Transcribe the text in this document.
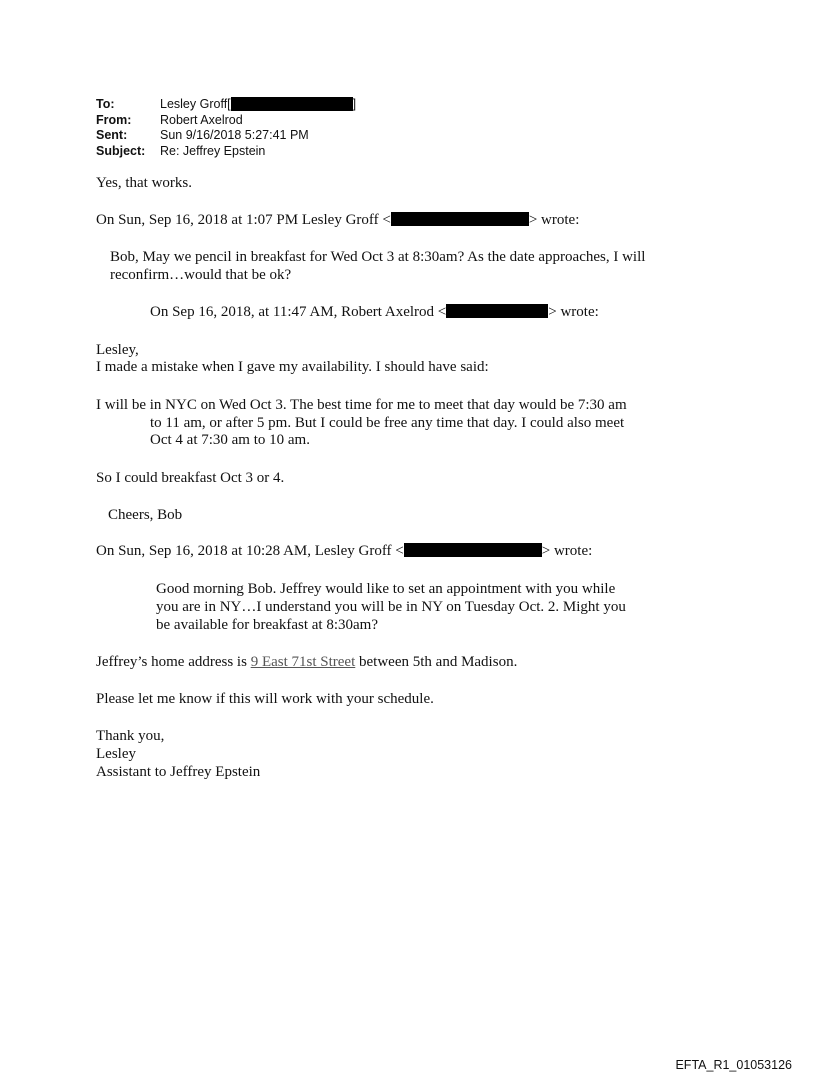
To:	Lesley Groff[	]
From:	Robert Axelrod
Sent:	Sun 9/16/2018 5:27:41 PM
Subject:	Re: Jeffrey Epstein
Yes, that works.
On Sun, Sep 16, 2018 at 1:07 PM Lesley Groff <	> wrote:
Bob, May we pencil in breakfast for Wed Oct 3 at 8:30am? As the date approaches, I will
reconfirm…would that be ok?
On Sep 16, 2018, at 11:47 AM, Robert Axelrod <	> wrote:
Lesley,
I made a mistake when I gave my availability. I should have said:
I will be in NYC on Wed Oct 3. The best time for me to meet that day would be 7:30 am
to 11 am, or after 5 pm. But I could be free any time that day. I could also meet
Oct 4 at 7:30 am to 10 am.
So I could breakfast Oct 3 or 4.
Cheers, Bob
On Sun, Sep 16, 2018 at 10:28 AM, Lesley Groff <	> wrote:
Good morning Bob. Jeffrey would like to set an appointment with you while
you are in NY…I understand you will be in NY on Tuesday Oct. 2. Might you
be available for breakfast at 8:30am?
Jeffrey’s home address is 9 East 71st Street between 5th and Madison.
Please let me know if this will work with your schedule.
Thank you,
Lesley
Assistant to Jeffrey Epstein
EFTA_R1_01053126
